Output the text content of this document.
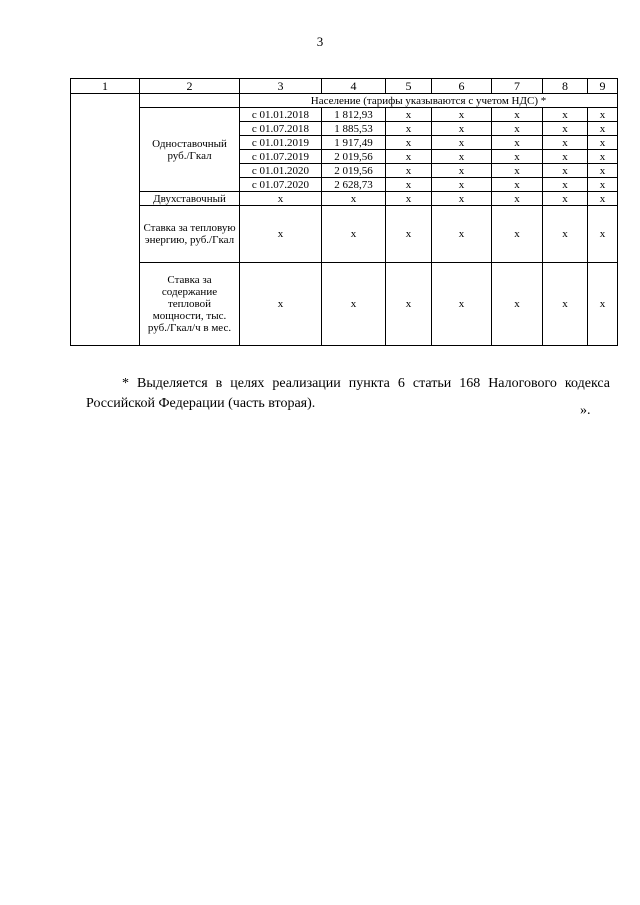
3
1	2	3	4	5	6	7	8	9
		Население (тарифы указываются с учетом НДС) *						
	Одноставочный руб./Гкал	с 01.01.2018	1 812,93	х	х	х	х	х
		с 01.07.2018	1 885,53	х	х	х	х	х
		с 01.01.2019	1 917,49	х	х	х	х	х
		с 01.07.2019	2 019,56	х	х	х	х	х
		с 01.01.2020	2 019,56	х	х	х	х	х
		с 01.07.2020	2 628,73	х	х	х	х	х
	Двухставочный	х	х	х	х	х	х	х
	Ставка за тепловую энергию, руб./Гкал	х	х	х	х	х	х	х
	Ставка за содержание тепловой мощности, тыс. руб./Гкал/ч в мес.	х	х	х	х	х	х	х

* Выделяется в целях реализации пункта 6 статьи 168 Налогового кодекса Российской Федерации (часть вторая).	».
